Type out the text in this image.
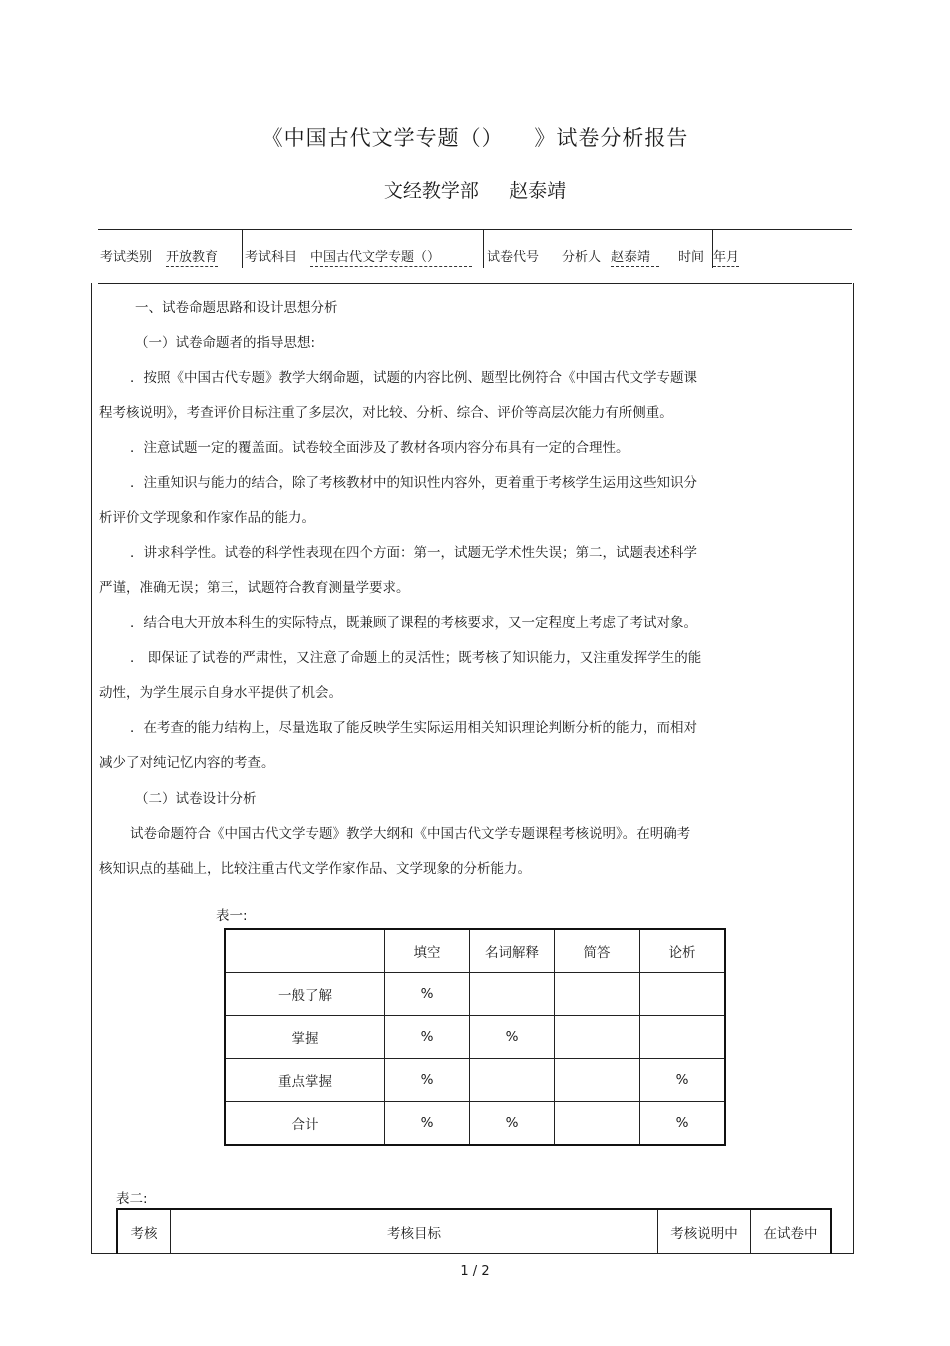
《中国古代文学专题（）    》试卷分析报告
文经教学部     赵泰靖
考试类别 开放教育 考试科目 中国古代文学专题（）	试卷代号 分析人 赵泰靖	时间 年月
一、试卷命题思路和设计思想分析
（一）试卷命题者的指导思想:
．按照《中国古代专题》教学大纲命题，试题的内容比例、题型比例符合《中国古代文学专题课
程考核说明》，考查评价目标注重了多层次，对比较、分析、综合、评价等高层次能力有所侧重。
．注意试题一定的覆盖面。试卷较全面涉及了教材各项内容分布具有一定的合理性。
．注重知识与能力的结合，除了考核教材中的知识性内容外，更着重于考核学生运用这些知识分
析评价文学现象和作家作品的能力。
．讲求科学性。试卷的科学性表现在四个方面：第一，试题无学术性失误；第二，试题表述科学
严谨，准确无误；第三，试题符合教育测量学要求。
．结合电大开放本科生的实际特点，既兼顾了课程的考核要求，又一定程度上考虑了考试对象。
． 即保证了试卷的严肃性，又注意了命题上的灵活性；既考核了知识能力，又注重发挥学生的能
动性，为学生展示自身水平提供了机会。
．在考查的能力结构上，尽量选取了能反映学生实际运用相关知识理论判断分析的能力，而相对
减少了对纯记忆内容的考查。
（二）试卷设计分析
试卷命题符合《中国古代文学专题》教学大纲和《中国古代文学专题课程考核说明》。在明确考
核知识点的基础上，比较注重古代文学作家作品、文学现象的分析能力。
表一:
	填空	名词解释	简答	论析
一般了解	%			
掌握	%	%		
重点掌握	%			%
合计	%	%		%
表二:
考核	考核目标	考核说明中	在试卷中
1 / 2
